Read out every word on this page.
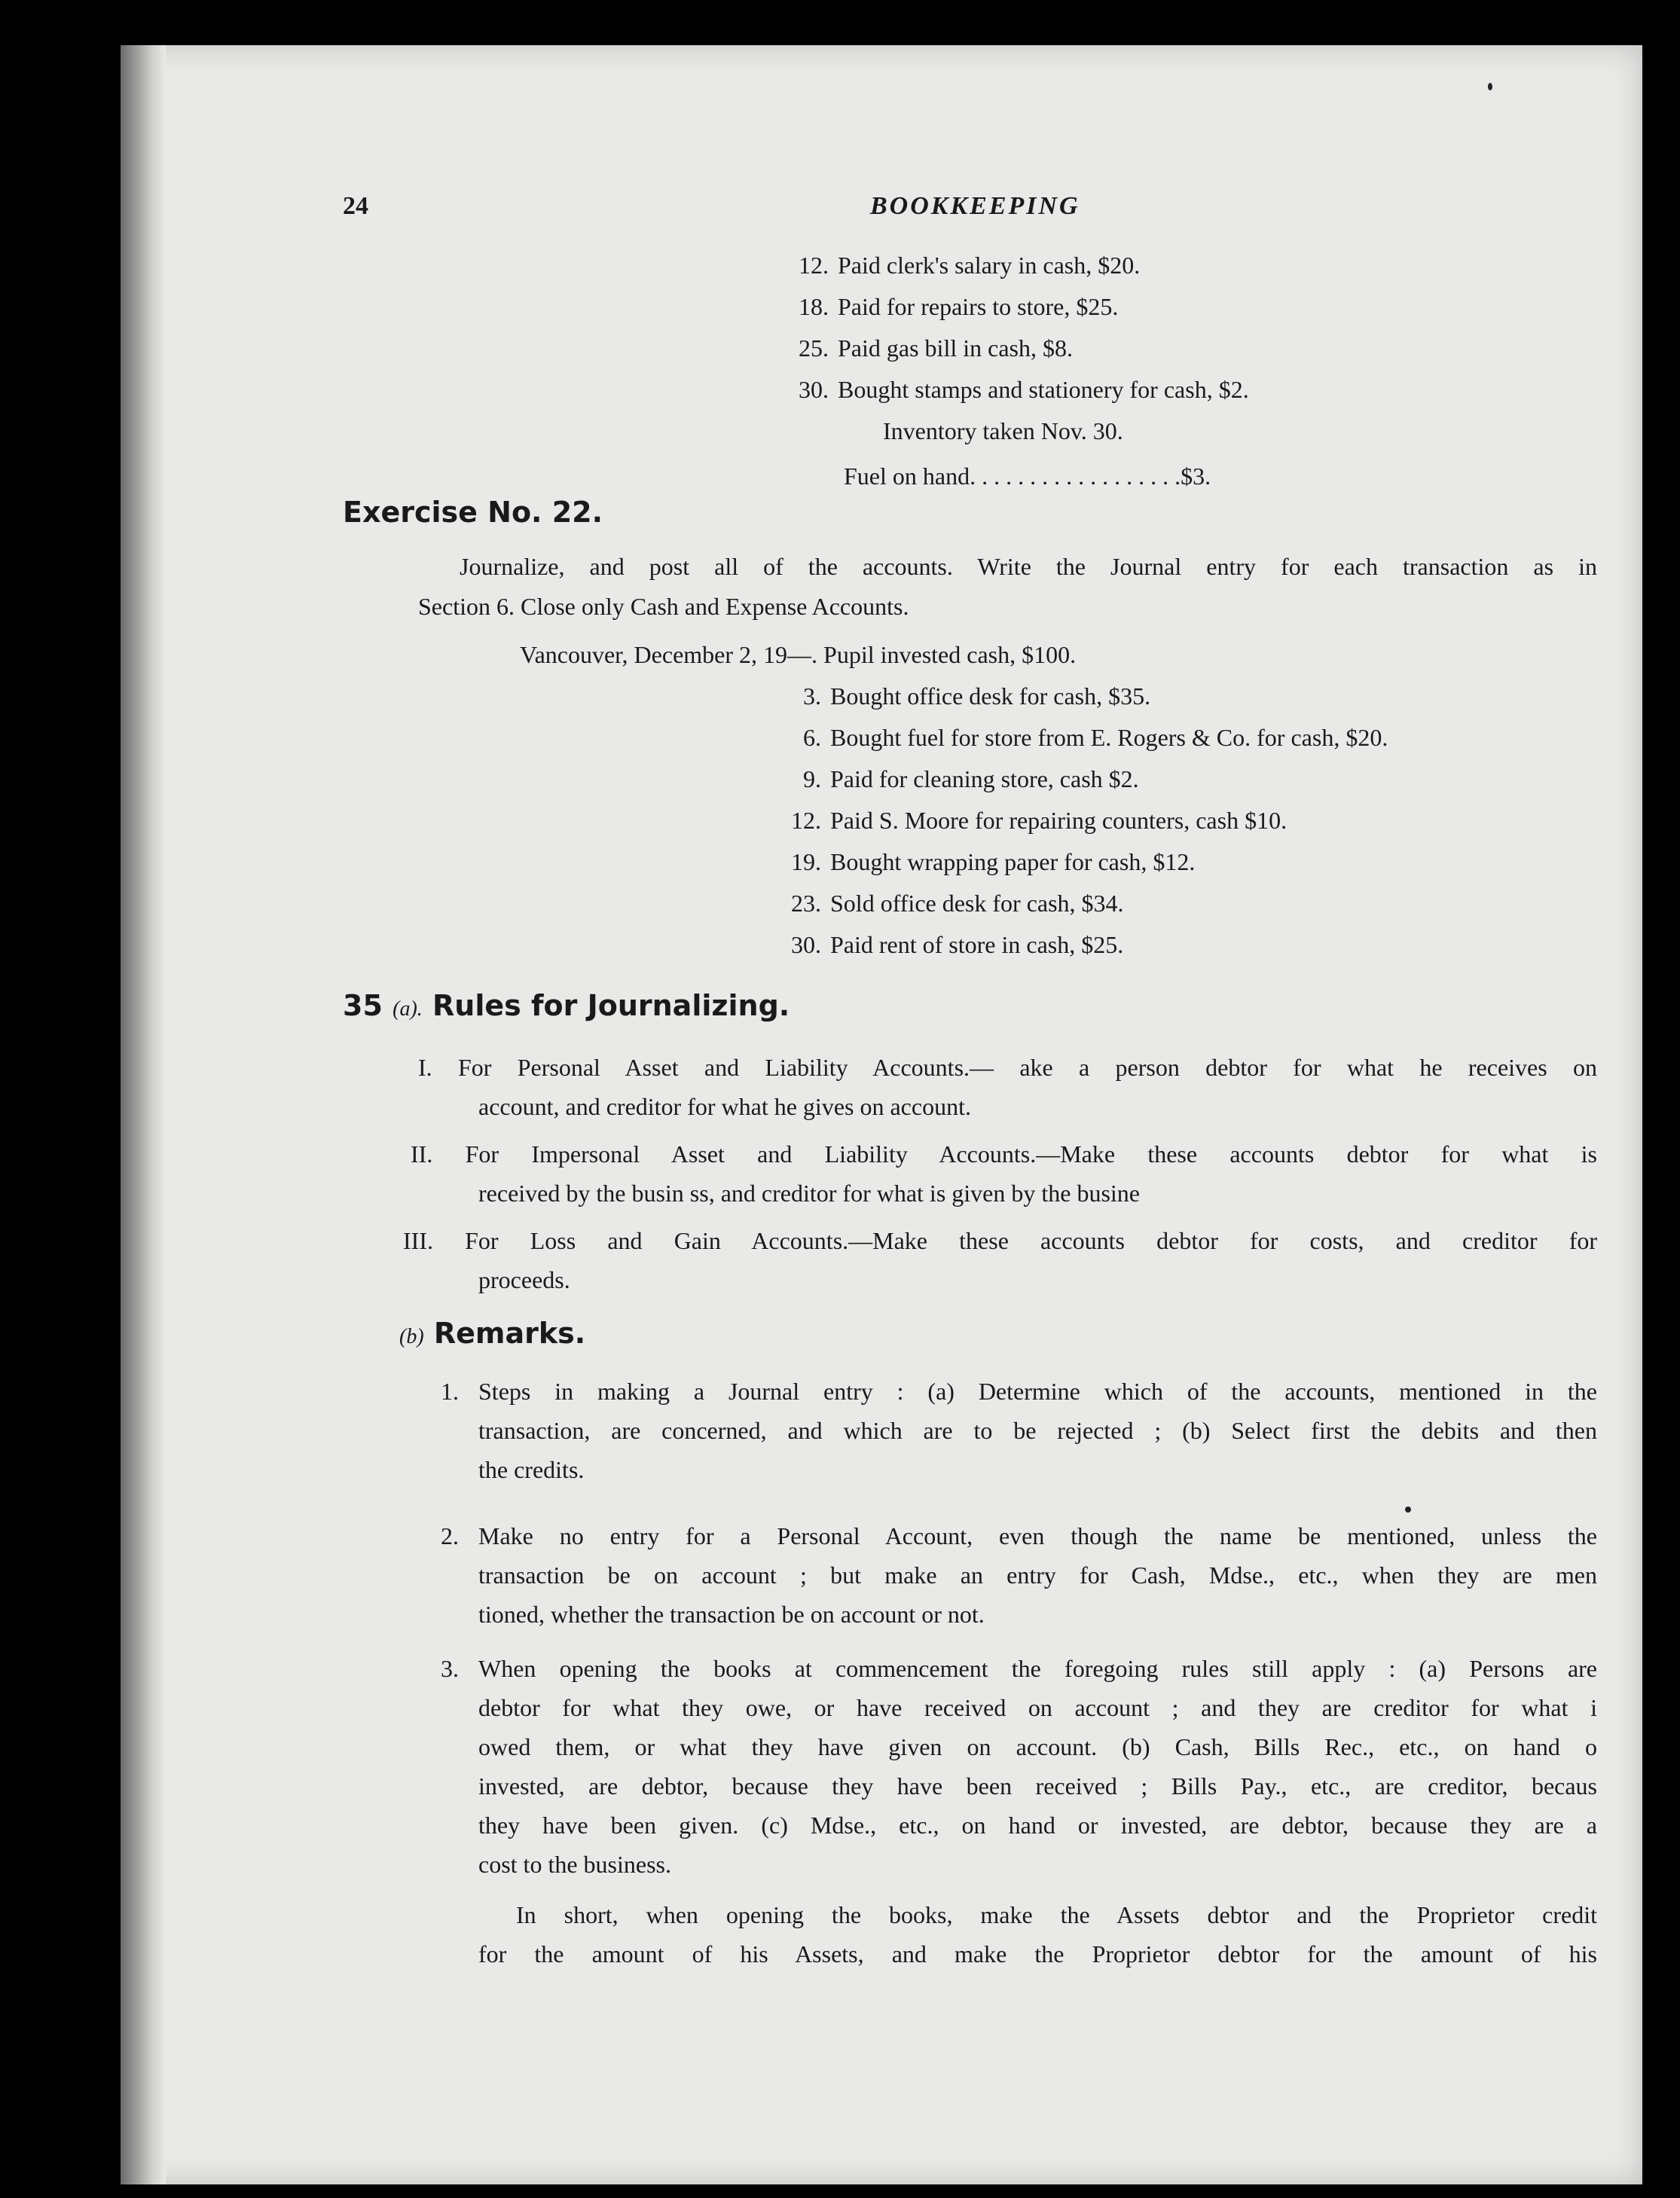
24	BOOKKEEPING
12. Paid clerk's salary in cash, $20.
18. Paid for repairs to store, $25.
25. Paid gas bill in cash, $8.
30. Bought stamps and stationery for cash, $2.
Inventory taken Nov. 30.
Fuel on hand. . . . . . . . . . . . . . . . . .$3.
Exercise No. 22.
Journalize, and post all of the accounts. Write the Journal entry for each transaction as in
Section 6. Close only Cash and Expense Accounts.
Vancouver, December 2, 19—. Pupil invested cash, $100.
3. Bought office desk for cash, $35.
6. Bought fuel for store from E. Rogers & Co. for cash, $20.
9. Paid for cleaning store, cash $2.
12. Paid S. Moore for repairing counters, cash $10.
19. Bought wrapping paper for cash, $12.
23. Sold office desk for cash, $34.
30. Paid rent of store in cash, $25.
35 (a). Rules for Journalizing.
I. For Personal Asset and Liability Accounts.— ake a person debtor for what he receives on
account, and creditor for what he gives on account.
II. For Impersonal Asset and Liability Accounts.—Make these accounts debtor for what is
received by the busin ss, and creditor for what is given by the busine
III. For Loss and Gain Accounts.—Make these accounts debtor for costs, and creditor for
proceeds.
(b) Remarks.
1. Steps in making a Journal entry : (a) Determine which of the accounts, mentioned in the
transaction, are concerned, and which are to be rejected ; (b) Select first the debits and then
the credits.
2. Make no entry for a Personal Account, even though the name be mentioned, unless the
transaction be on account ; but make an entry for Cash, Mdse., etc., when they are men
tioned, whether the transaction be on account or not.
3. When opening the books at commencement the foregoing rules still apply : (a) Persons are
debtor for what they owe, or have received on account ; and they are creditor for what i
owed them, or what they have given on account. (b) Cash, Bills Rec., etc., on hand o
invested, are debtor, because they have been received ; Bills Pay., etc., are creditor, becaus
they have been given. (c) Mdse., etc., on hand or invested, are debtor, because they are a
cost to the business.
In short, when opening the books, make the Assets debtor and the Proprietor credit
for the amount of his Assets, and make the Proprietor debtor for the amount of his
